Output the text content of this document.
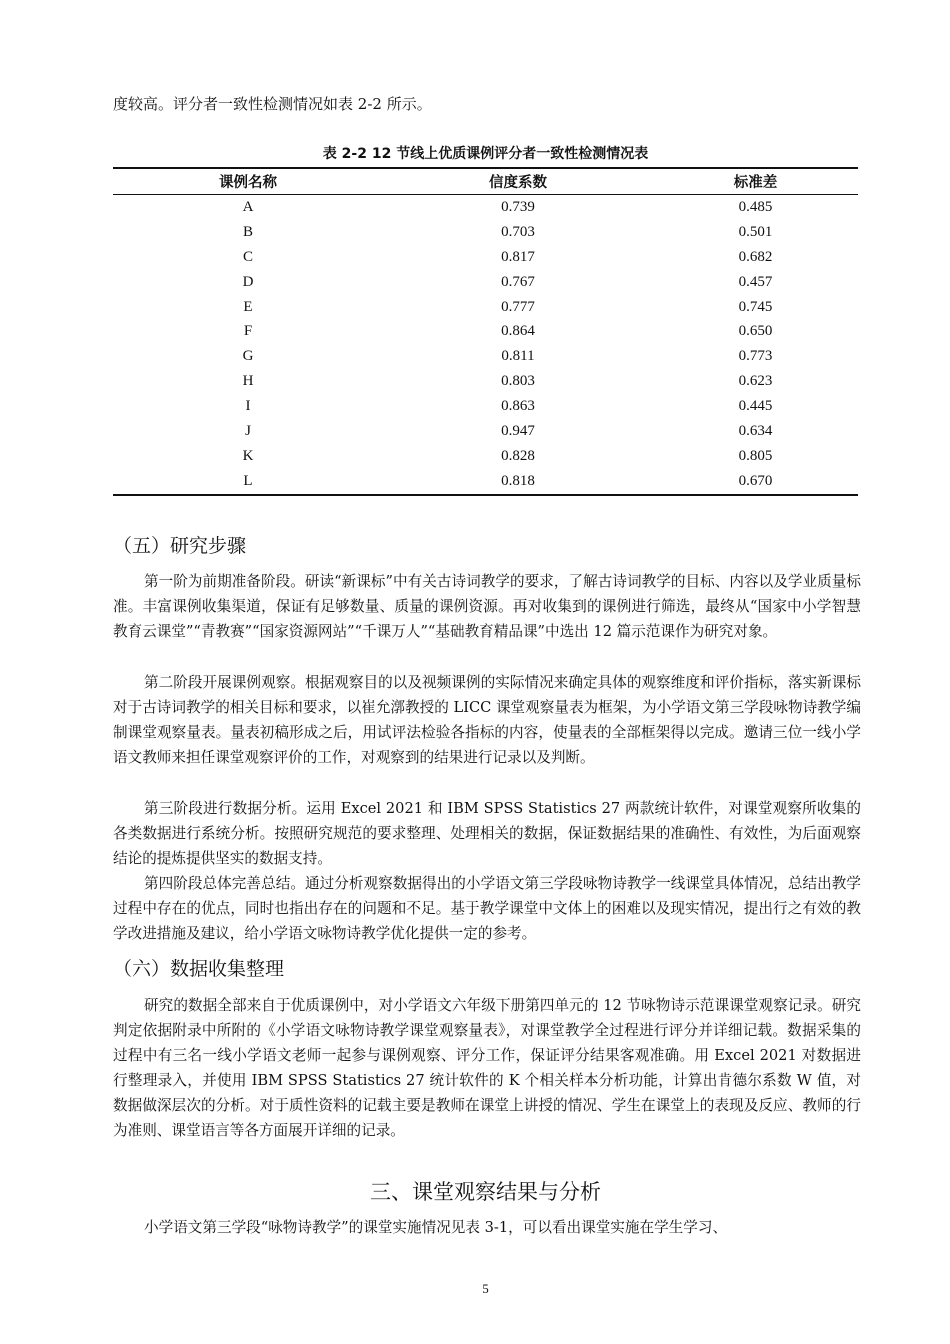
度较高。评分者一致性检测情况如表 2-2 所示。

表 2-2 12 节线上优质课例评分者一致性检测情况表

课例名称	信度系数	标准差
A	0.739	0.485
B	0.703	0.501
C	0.817	0.682
D	0.767	0.457
E	0.777	0.745
F	0.864	0.650
G	0.811	0.773
H	0.803	0.623
I	0.863	0.445
J	0.947	0.634
K	0.828	0.805
L	0.818	0.670
（五）研究步骤

第一阶为前期准备阶段。研读“新课标”中有关古诗词教学的要求，了解古诗词教学的目标、内容以及学业质量标准。丰富课例收集渠道，保证有足够数量、质量的课例资源。再对收集到的课例进行筛选，最终从“国家中小学智慧教育云课堂”“青教赛”“国家资源网站”“千课万人”“基础教育精品课”中选出 12 篇示范课作为研究对象。

第二阶段开展课例观察。根据观察目的以及视频课例的实际情况来确定具体的观察维度和评价指标，落实新课标对于古诗词教学的相关目标和要求，以崔允漷教授的 LICC 课堂观察量表为框架，为小学语文第三学段咏物诗教学编制课堂观察量表。量表初稿形成之后，用试评法检验各指标的内容，使量表的全部框架得以完成。邀请三位一线小学语文教师来担任课堂观察评价的工作，对观察到的结果进行记录以及判断。

第三阶段进行数据分析。运用 Excel 2021 和 IBM SPSS Statistics 27 两款统计软件，对课堂观察所收集的各类数据进行系统分析。按照研究规范的要求整理、处理相关的数据，保证数据结果的准确性、有效性，为后面观察结论的提炼提供坚实的数据支持。

第四阶段总体完善总结。通过分析观察数据得出的小学语文第三学段咏物诗教学一线课堂具体情况，总结出教学过程中存在的优点，同时也指出存在的问题和不足。基于教学课堂中文体上的困难以及现实情况，提出行之有效的教学改进措施及建议，给小学语文咏物诗教学优化提供一定的参考。

（六）数据收集整理

研究的数据全部来自于优质课例中，对小学语文六年级下册第四单元的 12 节咏物诗示范课课堂观察记录。研究判定依据附录中所附的《小学语文咏物诗教学课堂观察量表》，对课堂教学全过程进行评分并详细记载。数据采集的过程中有三名一线小学语文老师一起参与课例观察、评分工作，保证评分结果客观准确。用 Excel 2021 对数据进行整理录入，并使用 IBM SPSS Statistics 27 统计软件的 K 个相关样本分析功能，计算出肯德尔系数 W 值，对数据做深层次的分析。对于质性资料的记载主要是教师在课堂上讲授的情况、学生在课堂上的表现及反应、教师的行为准则、课堂语言等各方面展开详细的记录。

三、课堂观察结果与分析

小学语文第三学段“咏物诗教学”的课堂实施情况见表 3-1，可以看出课堂实施在学生学习、

5
